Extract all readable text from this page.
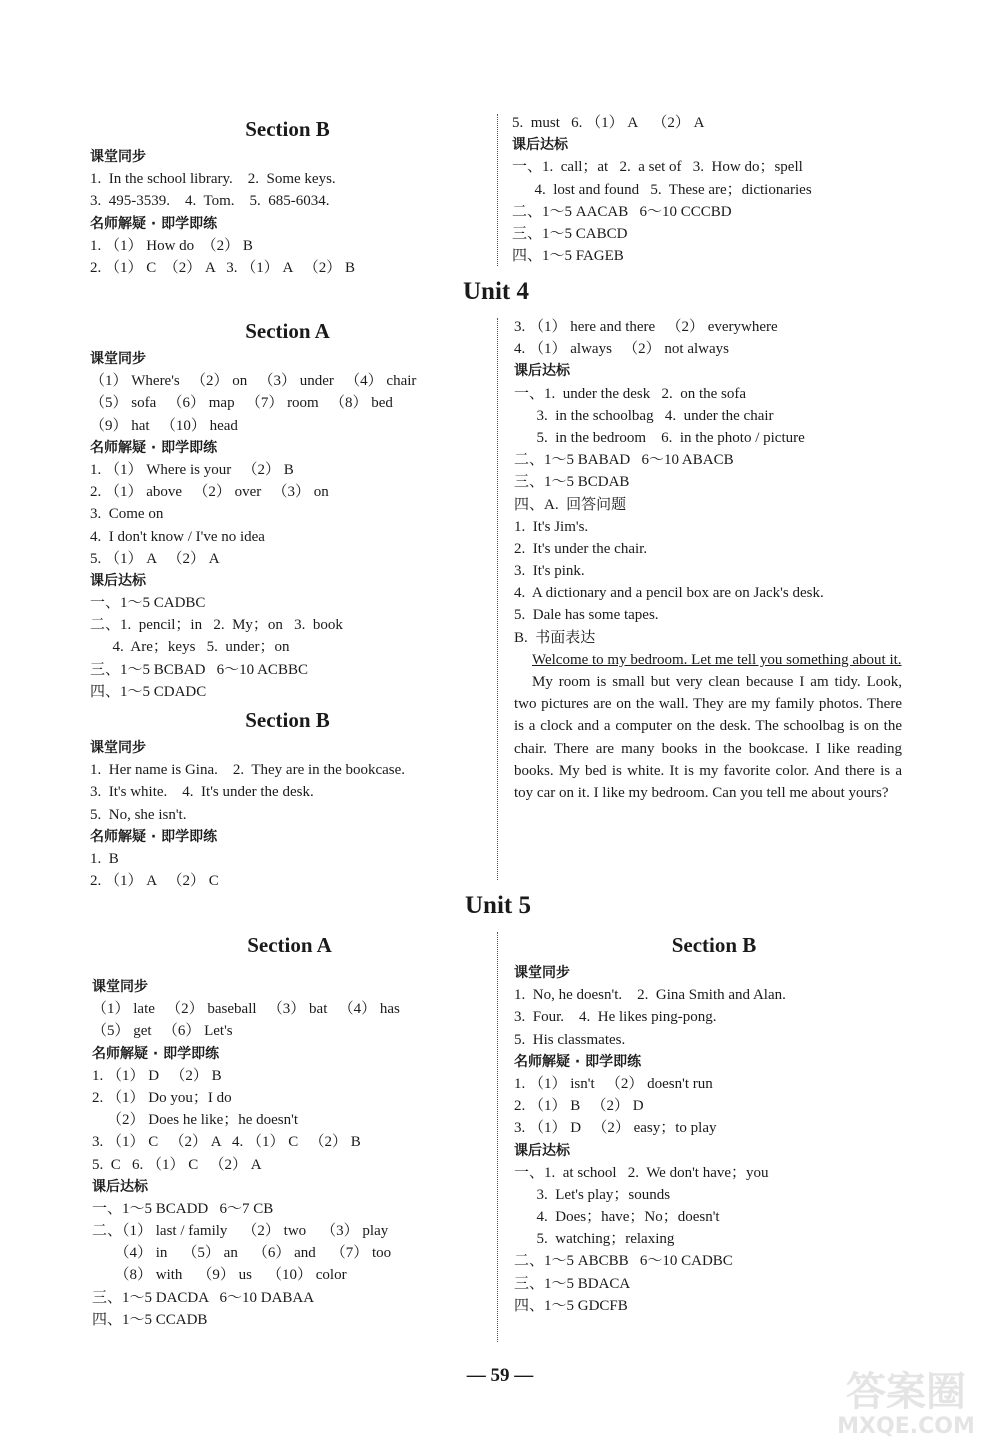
Section B
课堂同步
1.  In the school library.    2.  Some keys.
3.  495-3539.    4.  Tom.    5.  685-6034.
名师解疑 · 即学即练
1. （1） How do  （2） B
2. （1） C  （2） A   3. （1） A   （2） B
5.  must   6. （1） A    （2） A
课后达标
一、1.  call；at   2.  a set of   3.  How do；spell
4.  lost and found   5.  These are；dictionaries
二、1～5 AACAB   6～10 CCCBD
三、1～5 CABCD
四、1～5 FAGEB
Unit 4
Section A
课堂同步
（1） Where's   （2） on   （3） under   （4） chair
（5） sofa   （6） map   （7） room   （8） bed
（9） hat   （10） head
名师解疑 · 即学即练
1. （1） Where is your   （2） B
2. （1） above   （2） over   （3） on
3.  Come on
4.  I don't know / I've no idea
5. （1） A   （2） A
课后达标
一、1～5 CADBC
二、1.  pencil；in   2.  My；on   3.  book
4.  Are；keys   5.  under；on
三、1～5 BCBAD   6～10 ACBBC
四、1～5 CDADC
Section B
课堂同步
1.  Her name is Gina.    2.  They are in the bookcase.
3.  It's white.    4.  It's under the desk.
5.  No, she isn't.
名师解疑 · 即学即练
1.  B
2. （1） A   （2） C
3. （1） here and there   （2） everywhere
4. （1） always   （2） not always
课后达标
一、1.  under the desk   2.  on the sofa
3.  in the schoolbag   4.  under the chair
5.  in the bedroom    6.  in the photo / picture
二、1～5 BABAD   6～10 ABACB
三、1～5 BCDAB
四、A.  回答问题
1.  It's Jim's.
2.  It's under the chair.
3.  It's pink.
4.  A dictionary and a pencil box are on Jack's desk.
5.  Dale has some tapes.
B.  书面表达
Welcome to my bedroom. Let me tell you something about it.
My room is small but very clean because I am tidy. Look, two pictures are on the wall. They are my family photos. There is a clock and a computer on the desk. The schoolbag is on the chair. There are many books in the bookcase. I like reading books. My bed is white. It is my favorite color. And there is a toy car on it. I like my bedroom. Can you tell me about yours?
Unit 5
Section A
课堂同步
（1） late   （2） baseball   （3） bat   （4） has
（5） get   （6） Let's
名师解疑 · 即学即练
1. （1） D   （2） B
2. （1） Do you；I do
（2） Does he like；he doesn't
3. （1） C   （2） A   4. （1） C   （2） B
5.  C   6. （1） C   （2） A
课后达标
一、1～5 BCADD   6～7 CB
二、（1） last / family    （2） two    （3） play
（4） in    （5） an    （6） and    （7） too
（8） with    （9） us    （10） color
三、1～5 DACDA   6～10 DABAA
四、1～5 CCADB
Section B
课堂同步
1.  No, he doesn't.    2.  Gina Smith and Alan.
3.  Four.    4.  He likes ping-pong.
5.  His classmates.
名师解疑 · 即学即练
1. （1） isn't   （2） doesn't run
2. （1） B   （2） D
3. （1） D   （2） easy；to play
课后达标
一、1.  at school   2.  We don't have；you
3.  Let's play；sounds
4.  Does；have；No；doesn't
5.  watching；relaxing
二、1～5 ABCBB   6～10 CADBC
三、1～5 BDACA
四、1～5 GDCFB
— 59 —	答案圈
MXQE.COM
